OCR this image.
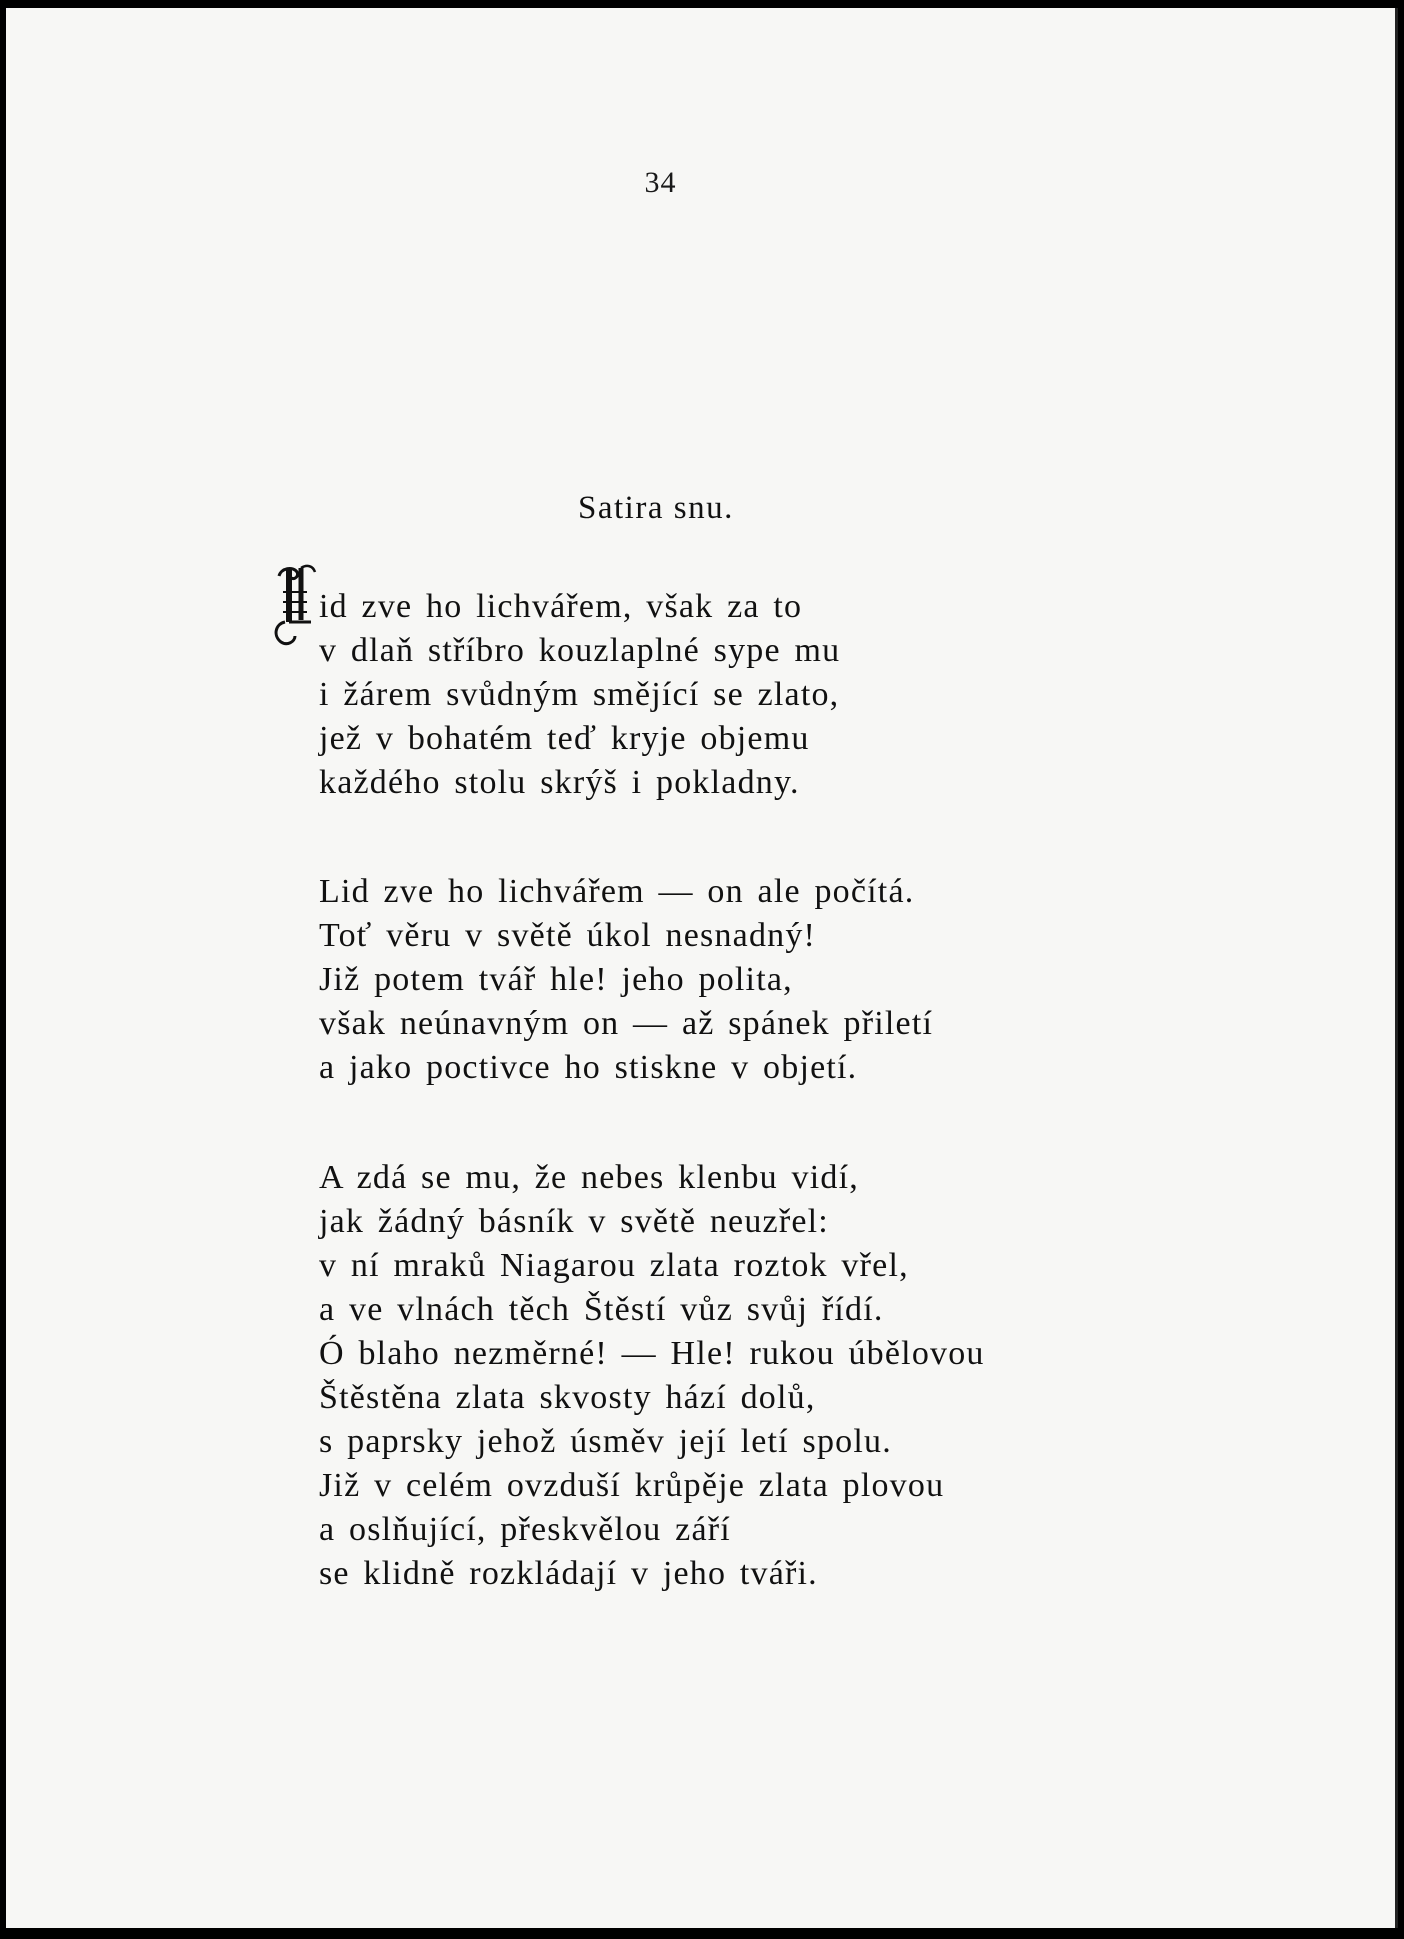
34
Satira snu.
id zve ho lichvářem, však za to
v dlaň stříbro kouzlaplné sype mu
i žárem svůdným smějící se zlato,
jež v bohatém teď kryje objemu
každého stolu skrýš i pokladny.
Lid zve ho lichvářem — on ale počítá.
Toť věru v světě úkol nesnadný!
Již potem tvář hle! jeho polita,
však neúnavným on — až spánek přiletí
a jako poctivce ho stiskne v objetí.
A zdá se mu, že nebes klenbu vidí,
jak žádný básník v světě neuzřel:
v ní mraků Niagarou zlata roztok vřel,
a ve vlnách těch Štěstí vůz svůj řídí.
Ó blaho nezměrné! — Hle! rukou úbělovou
Štěstěna zlata skvosty hází dolů,
s paprsky jehož úsměv její letí spolu.
Již v celém ovzduší krůpěje zlata plovou
a oslňující, přeskvělou září
se klidně rozkládají v jeho tváři.
